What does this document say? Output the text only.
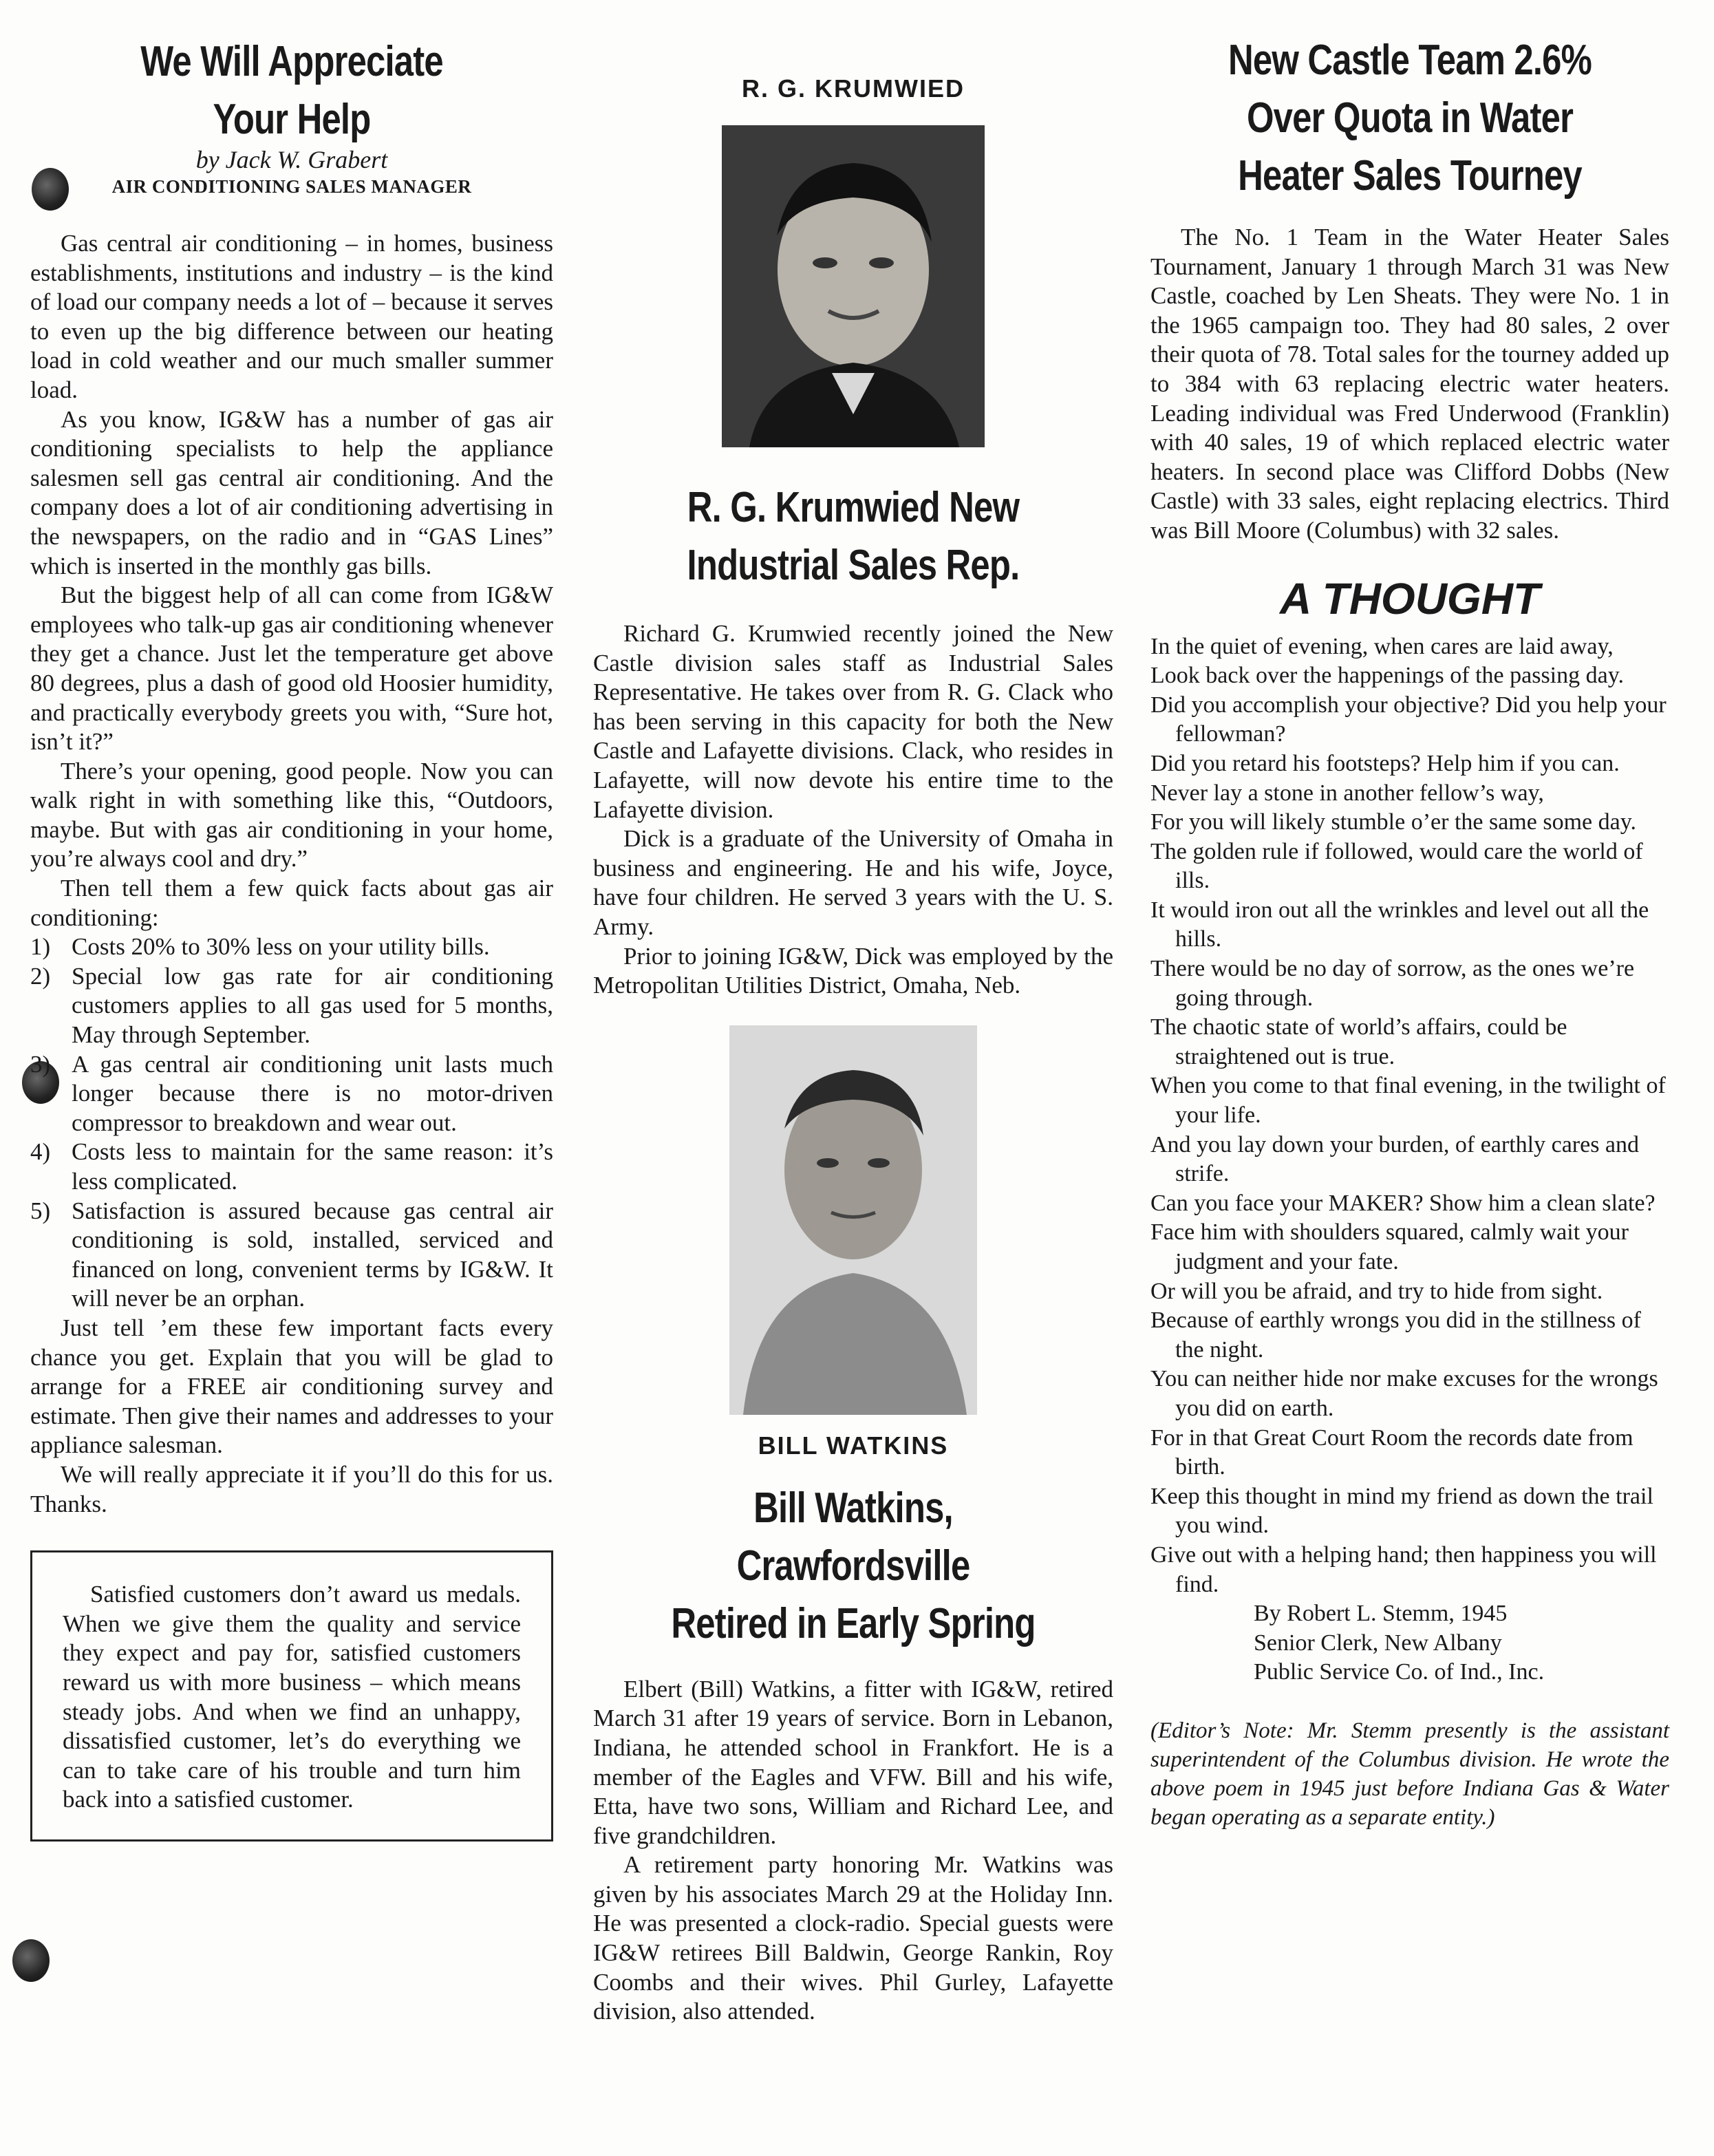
We Will Appreciate
Your Help
by Jack W. Grabert
AIR CONDITIONING SALES MANAGER

Gas central air conditioning – in homes, business establishments, institutions and industry – is the kind of load our company needs a lot of – because it serves to even up the big difference between our heating load in cold weather and our much smaller summer load.

As you know, IG&W has a number of gas air conditioning specialists to help the appliance salesmen sell gas central air conditioning. And the company does a lot of air conditioning advertising in the newspapers, on the radio and in “GAS Lines” which is inserted in the monthly gas bills.

But the biggest help of all can come from IG&W employees who talk-up gas air conditioning whenever they get a chance. Just let the temperature get above 80 degrees, plus a dash of good old Hoosier humidity, and practically everybody greets you with, “Sure hot, isn’t it?”

There’s your opening, good people. Now you can walk right in with something like this, “Outdoors, maybe. But with gas air conditioning in your home, you’re always cool and dry.”

Then tell them a few quick facts about gas air conditioning:

1) Costs 20% to 30% less on your utility bills.
2) Special low gas rate for air conditioning customers applies to all gas used for 5 months, May through September.
3) A gas central air conditioning unit lasts much longer because there is no motor-driven compressor to breakdown and wear out.
4) Costs less to maintain for the same reason: it’s less complicated.
5) Satisfaction is assured because gas central air conditioning is sold, installed, serviced and financed on long, convenient terms by IG&W. It will never be an orphan.

Just tell ’em these few important facts every chance you get. Explain that you will be glad to arrange for a FREE air conditioning survey and estimate. Then give their names and addresses to your appliance salesman.

We will really appreciate it if you’ll do this for us. Thanks.

Satisfied customers don’t award us medals. When we give them the quality and service they expect and pay for, satisfied customers reward us with more business – which means steady jobs. And when we find an unhappy, dissatisfied customer, let’s do everything we can to take care of his trouble and turn him back into a satisfied customer.

R. G. KRUMWIED
R. G. Krumwied New
Industrial Sales Rep.

Richard G. Krumwied recently joined the New Castle division sales staff as Industrial Sales Representative. He takes over from R. G. Clack who has been serving in this capacity for both the New Castle and Lafayette divisions. Clack, who resides in Lafayette, will now devote his entire time to the Lafayette division.

Dick is a graduate of the University of Omaha in business and engineering. He and his wife, Joyce, have four children. He served 3 years with the U. S. Army.

Prior to joining IG&W, Dick was employed by the Metropolitan Utilities District, Omaha, Neb.

BILL WATKINS
Bill Watkins, Crawfordsville
Retired in Early Spring

Elbert (Bill) Watkins, a fitter with IG&W, retired March 31 after 19 years of service. Born in Lebanon, Indiana, he attended school in Frankfort. He is a member of the Eagles and VFW. Bill and his wife, Etta, have two sons, William and Richard Lee, and five grandchildren.

A retirement party honoring Mr. Watkins was given by his associates March 29 at the Holiday Inn. He was presented a clock-radio. Special guests were IG&W retirees Bill Baldwin, George Rankin, Roy Coombs and their wives. Phil Gurley, Lafayette division, also attended.

New Castle Team 2.6%
Over Quota in Water
Heater Sales Tourney

The No. 1 Team in the Water Heater Sales Tournament, January 1 through March 31 was New Castle, coached by Len Sheats. They were No. 1 in the 1965 campaign too. They had 80 sales, 2 over their quota of 78. Total sales for the tourney added up to 384 with 63 replacing electric water heaters. Leading individual was Fred Underwood (Franklin) with 40 sales, 19 of which replaced electric water heaters. In second place was Clifford Dobbs (New Castle) with 33 sales, eight replacing electrics. Third was Bill Moore (Columbus) with 32 sales.

A THOUGHT
In the quiet of evening, when cares are laid away,
Look back over the happenings of the passing day.
Did you accomplish your objective? Did you help your fellowman?
Did you retard his footsteps? Help him if you can.
Never lay a stone in another fellow’s way,
For you will likely stumble o’er the same some day.
The golden rule if followed, would care the world of ills.
It would iron out all the wrinkles and level out all the hills.
There would be no day of sorrow, as the ones we’re going through.
The chaotic state of world’s affairs, could be straightened out is true.
When you come to that final evening, in the twilight of your life.
And you lay down your burden, of earthly cares and strife.
Can you face your MAKER? Show him a clean slate?
Face him with shoulders squared, calmly wait your judgment and your fate.
Or will you be afraid, and try to hide from sight.
Because of earthly wrongs you did in the stillness of the night.
You can neither hide nor make excuses for the wrongs you did on earth.
For in that Great Court Room the records date from birth.
Keep this thought in mind my friend as down the trail you wind.
Give out with a helping hand; then happiness you will find.
By Robert L. Stemm, 1945
Senior Clerk, New Albany
Public Service Co. of Ind., Inc.
(Editor’s Note: Mr. Stemm presently is the assistant superintendent of the Columbus division. He wrote the above poem in 1945 just before Indiana Gas & Water began operating as a separate entity.)
